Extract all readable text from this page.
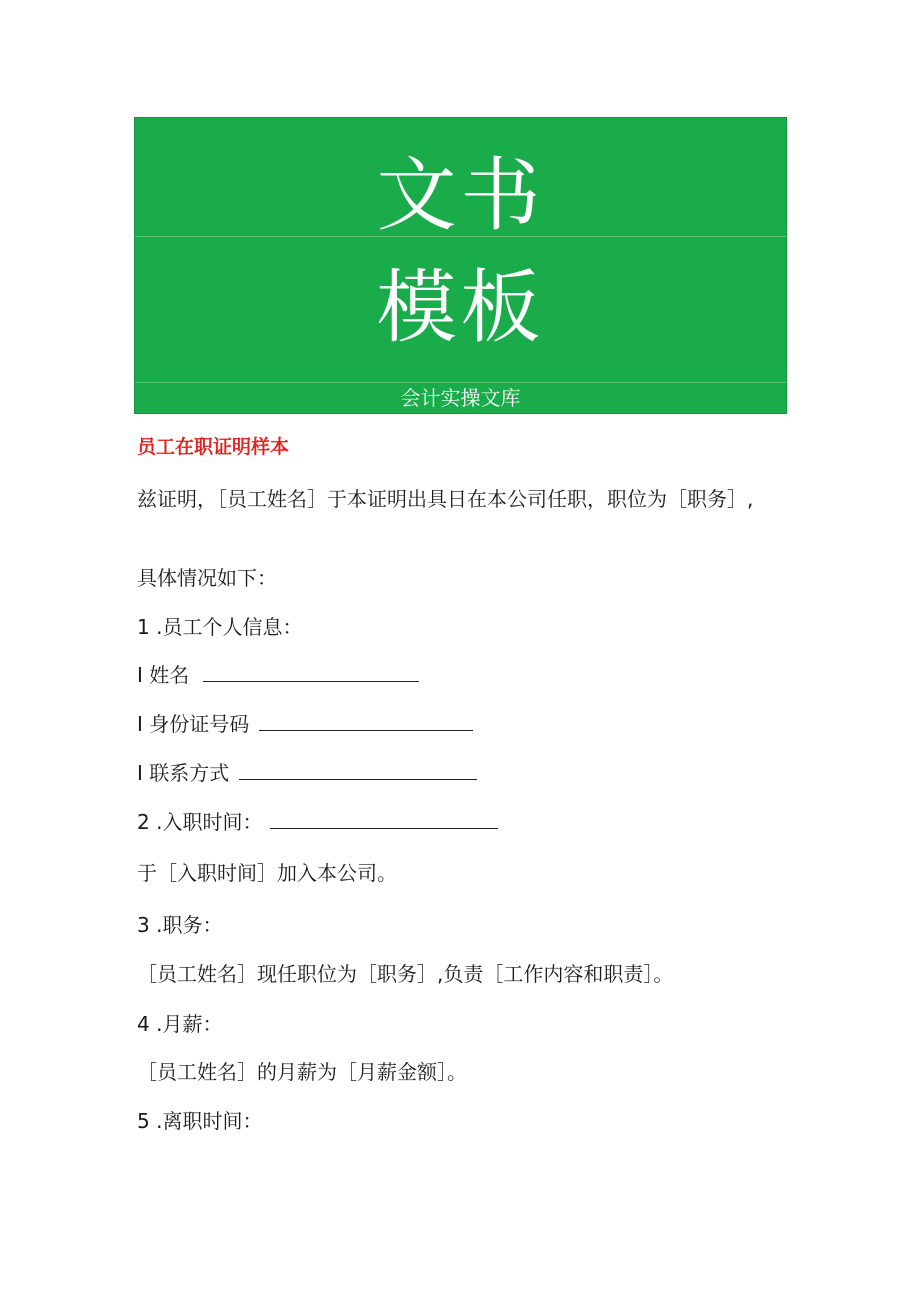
文书
模板
会计实操文库
员工在职证明样本
兹证明，［员工姓名］于本证明出具日在本公司任职，职位为［职务］,
具体情况如下：
1 .员工个人信息：
I 姓名
I 身份证号码
I 联系方式
2 .入职时间：
于［入职时间］加入本公司。
3 .职务：
［员工姓名］现任职位为［职务］,负责［工作内容和职责］。
4 .月薪：
［员工姓名］的月薪为［月薪金额］。
5 .离职时间：
